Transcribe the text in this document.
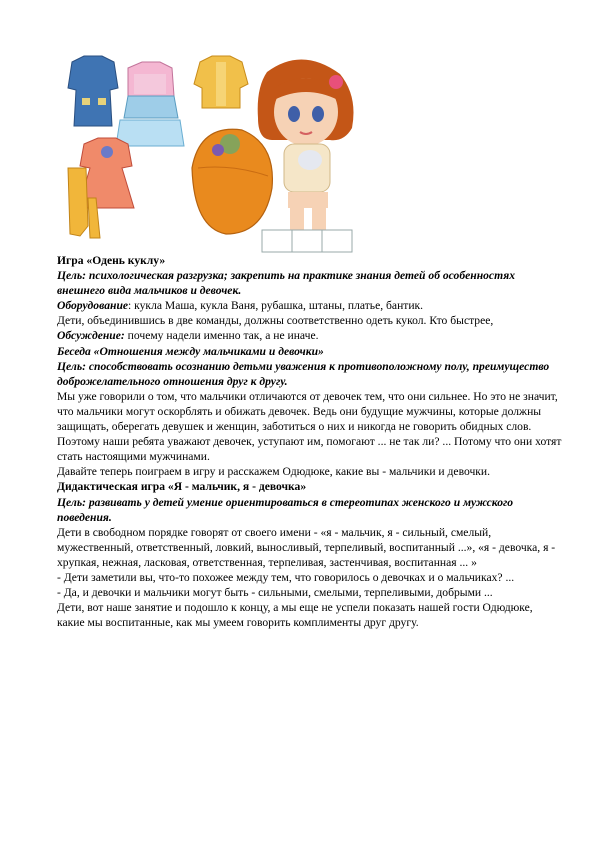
Игра «Одень куклу»

Цель: психологическая разгрузка; закрепить на практике знания детей об особенностях внешнего вида мальчиков и девочек.

Оборудование: кукла Маша, кукла Ваня, рубашка, штаны, платье, бантик.

Дети, объединившись в две команды, должны соответственно одеть кукол. Кто быстрее,

Обсуждение: почему надели именно так, а не иначе.

Беседа «Отношения между мальчиками и девочки»

Цель: способствовать осознанию детьми уважения к противоположному полу, преимущество доброжелательного отношения друг к другу.

Мы уже говорили о том, что мальчики отличаются от девочек тем, что они сильнее. Но это не значит, что мальчики могут оскорблять и обижать девочек. Ведь они будущие мужчины, которые должны защищать, оберегать девушек и женщин, заботиться о них и никогда не говорить обидных слов. Поэтому наши ребята уважают девочек, уступают им, помогают ... не так ли? ... Потому что они хотят стать настоящими мужчинами.

Давайте теперь поиграем в игру и расскажем Одюдюке, какие вы - мальчики и девочки.

Дидактическая игра «Я - мальчик, я - девочка»

Цель: развивать у детей умение ориентироваться в стереотипах женского и мужского поведения.

Дети в свободном порядке говорят от своего имени - «я - мальчик, я - сильный, смелый, мужественный, ответственный, ловкий, выносливый, терпеливый, воспитанный ...», «я - девочка, я - хрупкая, нежная, ласковая, ответственная, терпеливая, застенчивая, воспитанная ... »

- Дети заметили вы, что-то похожее между тем, что говорилось о девочках и о мальчиках? ...

- Да, и девочки и мальчики могут быть - сильными, смелыми, терпеливыми, добрыми ...

Дети, вот наше занятие и подошло к концу, а мы еще не успели показать нашей гости Одюдюке, какие мы воспитанные, как мы умеем говорить комплименты друг другу.
